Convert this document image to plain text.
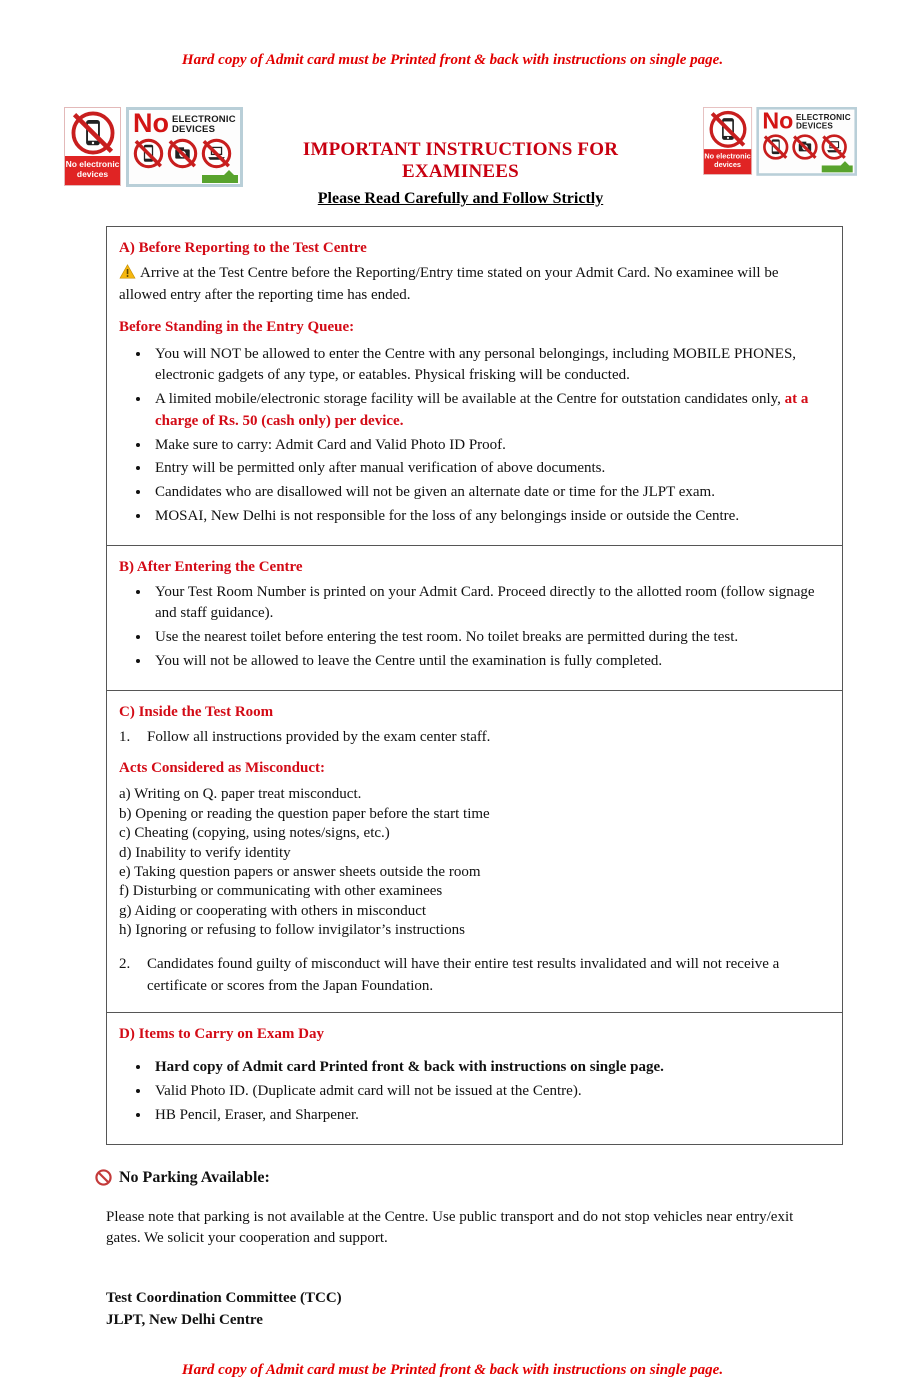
Hard copy of Admit card must be Printed front & back with instructions on single page.
No electronic devices
No ELECTRONIC
DEVICES
IMPORTANT INSTRUCTIONS FOR EXAMINEES
Please Read Carefully and Follow Strictly
No electronic devices
No ELECTRONIC
DEVICES
A) Before Reporting to the Test Centre
Arrive at the Test Centre before the Reporting/Entry time stated on your Admit Card. No examinee will be allowed entry after the reporting time has ended.
Before Standing in the Entry Queue:
• You will NOT be allowed to enter the Centre with any personal belongings, including MOBILE PHONES, electronic gadgets of any type, or eatables. Physical frisking will be conducted.
• A limited mobile/electronic storage facility will be available at the Centre for outstation candidates only, at a charge of Rs. 50 (cash only) per device.
• Make sure to carry: Admit Card and Valid Photo ID Proof.
• Entry will be permitted only after manual verification of above documents.
• Candidates who are disallowed will not be given an alternate date or time for the JLPT exam.
• MOSAI, New Delhi is not responsible for the loss of any belongings inside or outside the Centre.
B) After Entering the Centre
• Your Test Room Number is printed on your Admit Card. Proceed directly to the allotted room (follow signage and staff guidance).
• Use the nearest toilet before entering the test room. No toilet breaks are permitted during the test.
• You will not be allowed to leave the Centre until the examination is fully completed.
C) Inside the Test Room
1.	Follow all instructions provided by the exam center staff.
Acts Considered as Misconduct:
a) Writing on Q. paper treat misconduct.
b) Opening or reading the question paper before the start time
c) Cheating (copying, using notes/signs, etc.)
d) Inability to verify identity
e) Taking question papers or answer sheets outside the room
f) Disturbing or communicating with other examinees
g) Aiding or cooperating with others in misconduct
h) Ignoring or refusing to follow invigilator’s instructions
2.	Candidates found guilty of misconduct will have their entire test results invalidated and will not receive a certificate or scores from the Japan Foundation.
D) Items to Carry on Exam Day
• Hard copy of Admit card Printed front & back with instructions on single page.
• Valid Photo ID. (Duplicate admit card will not be issued at the Centre).
• HB Pencil, Eraser, and Sharpener.
No Parking Available:

Please note that parking is not available at the Centre. Use public transport and do not stop vehicles near entry/exit gates. We solicit your cooperation and support.

Test Coordination Committee (TCC)
JLPT, New Delhi Centre
Hard copy of Admit card must be Printed front & back with instructions on single page.
